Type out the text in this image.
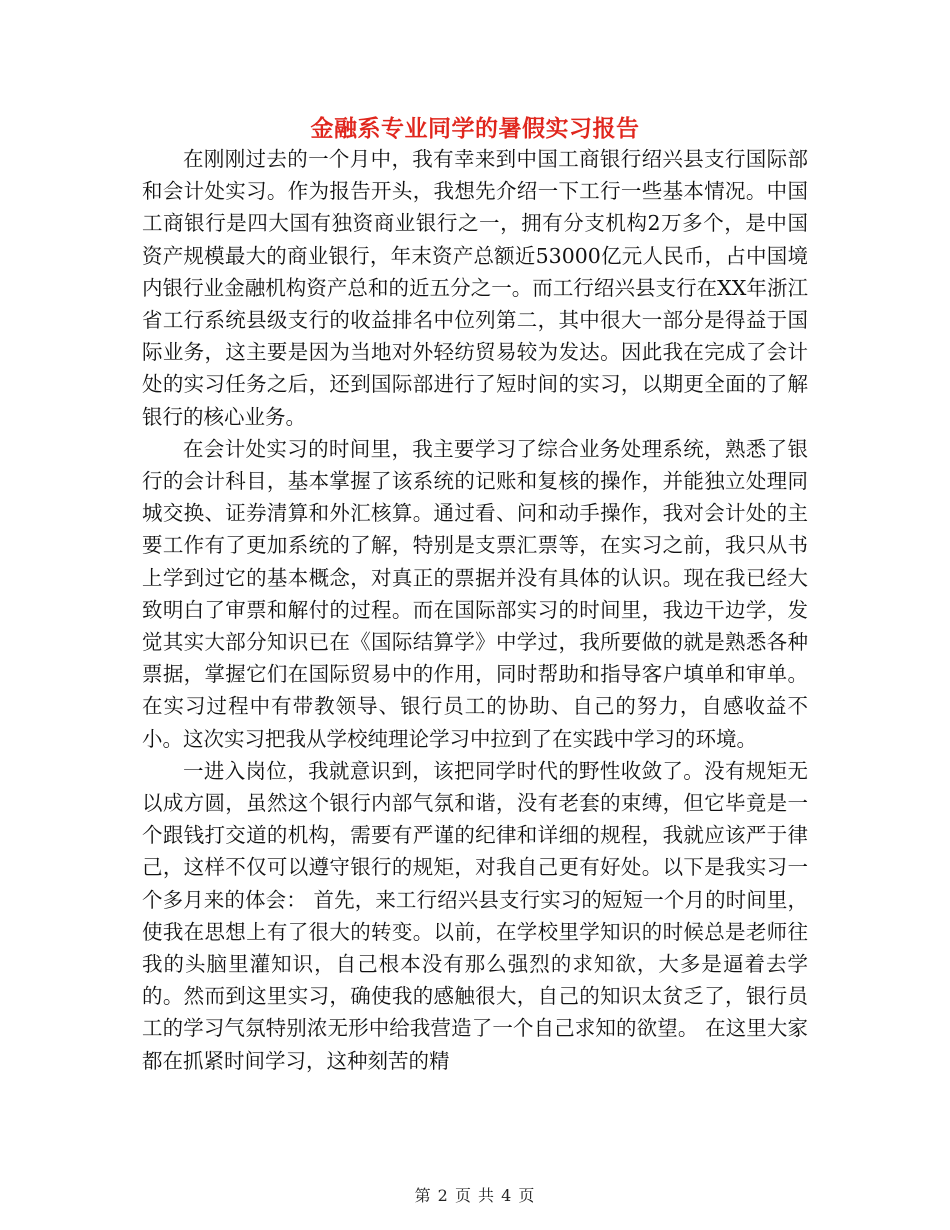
金融系专业同学的暑假实习报告

在刚刚过去的一个月中，我有幸来到中国工商银行绍兴县支行国际部和会计处实习。作为报告开头，我想先介绍一下工行一些基本情况。中国工商银行是四大国有独资商业银行之一，拥有分支机构2万多个，是中国资产规模最大的商业银行，年末资产总额近53000亿元人民币，占中国境内银行业金融机构资产总和的近五分之一。而工行绍兴县支行在XX年浙江省工行系统县级支行的收益排名中位列第二，其中很大一部分是得益于国际业务，这主要是因为当地对外轻纺贸易较为发达。因此我在完成了会计处的实习任务之后，还到国际部进行了短时间的实习，以期更全面的了解银行的核心业务。

在会计处实习的时间里，我主要学习了综合业务处理系统，熟悉了银行的会计科目，基本掌握了该系统的记账和复核的操作，并能独立处理同城交换、证券清算和外汇核算。通过看、问和动手操作，我对会计处的主要工作有了更加系统的了解，特别是支票汇票等，在实习之前，我只从书上学到过它的基本概念，对真正的票据并没有具体的认识。现在我已经大致明白了审票和解付的过程。而在国际部实习的时间里，我边干边学，发觉其实大部分知识已在《国际结算学》中学过，我所要做的就是熟悉各种票据，掌握它们在国际贸易中的作用，同时帮助和指导客户填单和审单。在实习过程中有带教领导、银行员工的协助、自己的努力，自感收益不小。这次实习把我从学校纯理论学习中拉到了在实践中学习的环境。

一进入岗位，我就意识到，该把同学时代的野性收敛了。没有规矩无以成方圆，虽然这个银行内部气氛和谐，没有老套的束缚，但它毕竟是一个跟钱打交道的机构，需要有严谨的纪律和详细的规程，我就应该严于律己，这样不仅可以遵守银行的规矩，对我自己更有好处。以下是我实习一个多月来的体会： 首先，来工行绍兴县支行实习的短短一个月的时间里，使我在思想上有了很大的转变。以前，在学校里学知识的时候总是老师往我的头脑里灌知识，自己根本没有那么强烈的求知欲，大多是逼着去学的。然而到这里实习，确使我的感触很大，自己的知识太贫乏了，银行员工的学习气氛特别浓无形中给我营造了一个自己求知的欲望。 在这里大家都在抓紧时间学习，这种刻苦的精

第 2 页 共 4 页
